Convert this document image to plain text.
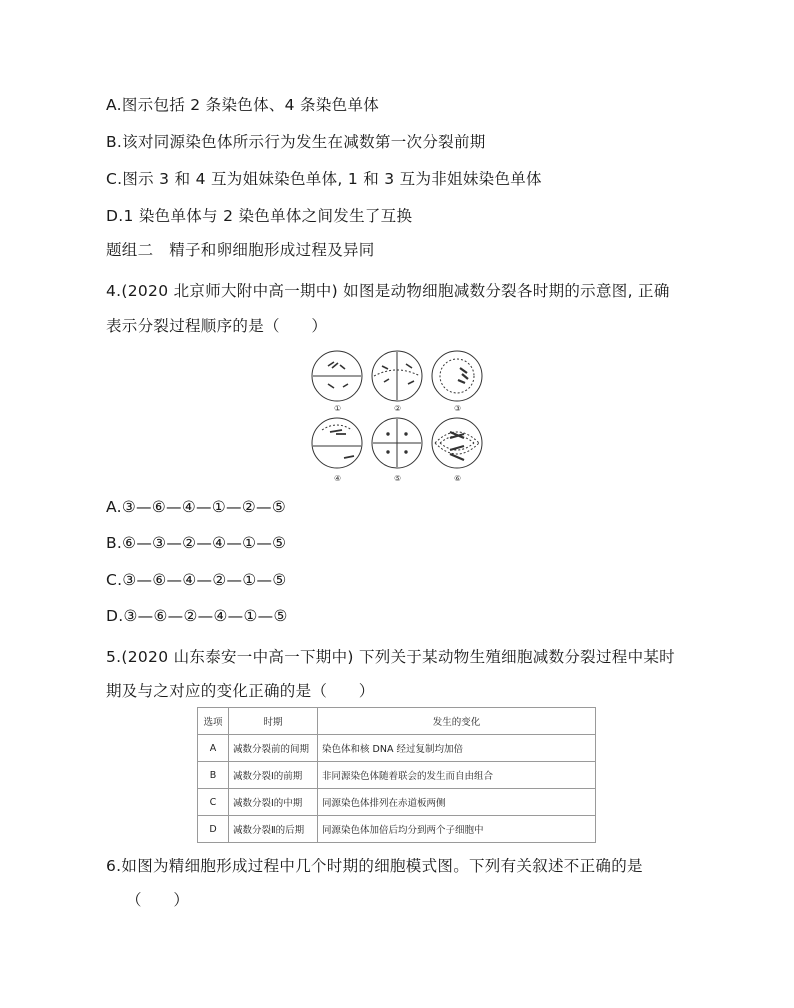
A.图示包括 2 条染色体、4 条染色单体
B.该对同源染色体所示行为发生在减数第一次分裂前期
C.图示 3 和 4 互为姐妹染色单体, 1 和 3 互为非姐妹染色单体
D.1 染色单体与 2 染色单体之间发生了互换
题组二　精子和卵细胞形成过程及异同
4.(2020 北京师大附中高一期中) 如图是动物细胞减数分裂各时期的示意图, 正确
表示分裂过程顺序的是（　　）
①	②	③
④	⑤	⑥
A.③—⑥—④—①—②—⑤
B.⑥—③—②—④—①—⑤
C.③—⑥—④—②—①—⑤
D.③—⑥—②—④—①—⑤
5.(2020 山东泰安一中高一下期中) 下列关于某动物生殖细胞减数分裂过程中某时
期及与之对应的变化正确的是（　　）
选项	时期	发生的变化
A	减数分裂前的间期	染色体和核 DNA 经过复制均加倍
B	减数分裂Ⅰ的前期	非同源染色体随着联会的发生而自由组合
C	减数分裂Ⅰ的中期	同源染色体排列在赤道板两侧
D	减数分裂Ⅱ的后期	同源染色体加倍后均分到两个子细胞中
6.如图为精细胞形成过程中几个时期的细胞模式图。下列有关叙述不正确的是
（　　）
